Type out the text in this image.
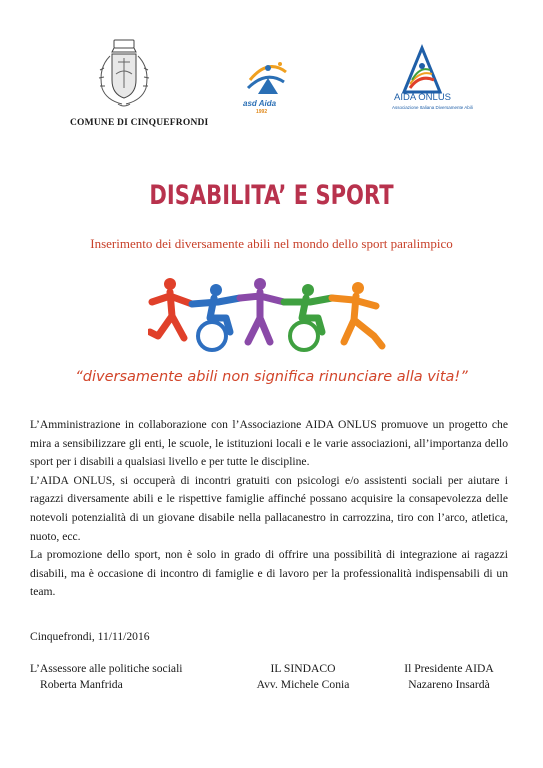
COMUNE DI CINQUEFRONDI
asd Aida
1992
AIDA ONLUS
Associazione Italiana Diversamente Abili
DISABILITA’ E SPORT
Inserimento dei diversamente abili nel mondo dello sport paralimpico
“diversamente abili non significa rinunciare alla vita!”

L’Amministrazione in collaborazione con l’Associazione AIDA ONLUS promuove un progetto che mira a sensibilizzare gli enti, le scuole, le istituzioni locali e le varie associazioni, all’importanza dello sport per i disabili a qualsiasi livello e per tutte le discipline.

L’AIDA ONLUS, si occuperà di incontri gratuiti con psicologi e/o assistenti sociali per aiutare i ragazzi diversamente abili e le rispettive famiglie affinché possano acquisire la consapevolezza delle notevoli potenzialità di un giovane disabile nella pallacanestro in carrozzina, tiro con l’arco, atletica, nuoto, ecc.

La promozione dello sport, non è solo in grado di offrire una possibilità di integrazione ai ragazzi disabili, ma è occasione di incontro di famiglie e di lavoro per la professionalità indispensabili di un team.

Cinquefrondi, 11/11/2016
L’Assessore alle politiche sociali
Roberta Manfrida
IL SINDACO
Avv. Michele Conia
Il Presidente AIDA
Nazareno Insardà
